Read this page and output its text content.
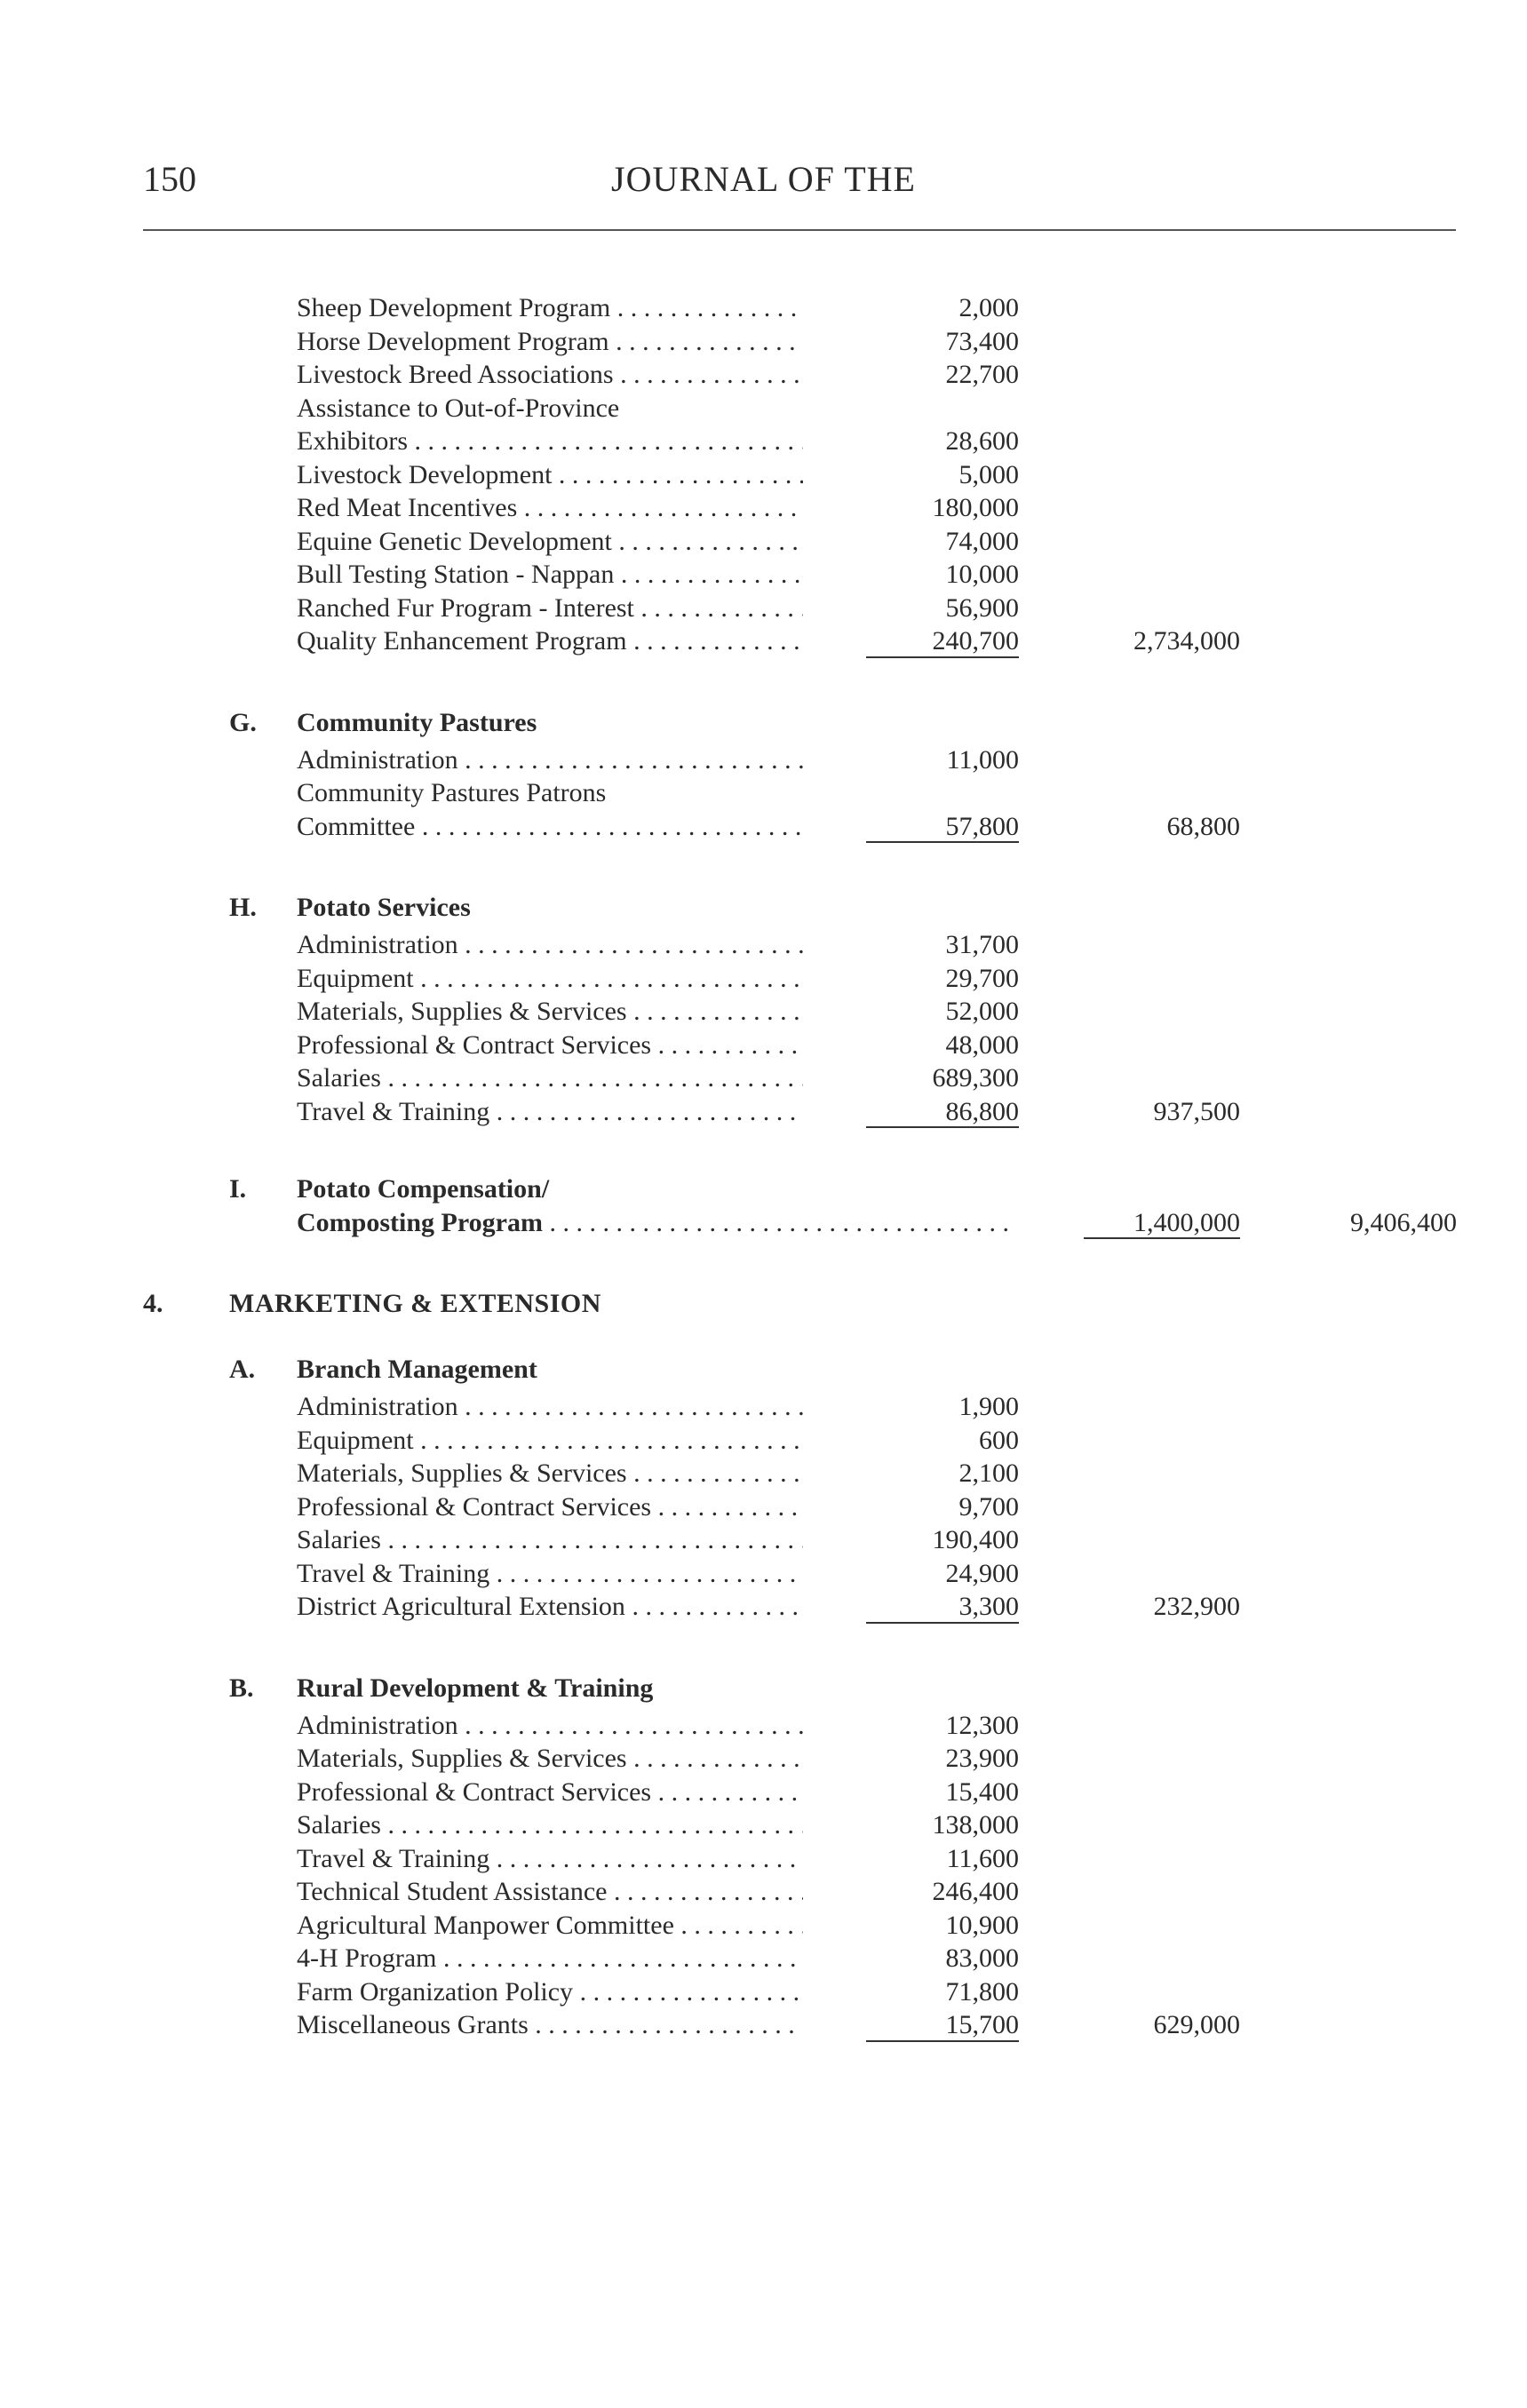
150	JOURNAL OF THE
Sheep Development Program . . .	2,000
Horse Development Program . . .	73,400
Livestock Breed Associations . . .	22,700
Assistance to Out-of-Province
Exhibitors . . .	28,600
Livestock Development . . .	5,000
Red Meat Incentives . . .	180,000
Equine Genetic Development . . .	74,000
Bull Testing Station - Nappan . . .	10,000
Ranched Fur Program - Interest . . .	56,900
Quality Enhancement Program . . .	240,700	2,734,000
G. Community Pastures
Administration . . .	11,000
Community Pastures Patrons
Committee . . .	57,800	68,800
H. Potato Services
Administration . . .	31,700
Equipment . . .	29,700
Materials, Supplies & Services . . .	52,000
Professional & Contract Services . . .	48,000
Salaries . . .	689,300
Travel & Training . . .	86,800	937,500
I. Potato Compensation/
Composting Program . . .	1,400,000	9,406,400
4. MARKETING & EXTENSION
A. Branch Management
Administration . . .	1,900
Equipment . . .	600
Materials, Supplies & Services . . .	2,100
Professional & Contract Services . . .	9,700
Salaries . . .	190,400
Travel & Training . . .	24,900
District Agricultural Extension . . .	3,300	232,900
B. Rural Development & Training
Administration . . .	12,300
Materials, Supplies & Services . . .	23,900
Professional & Contract Services . . .	15,400
Salaries . . .	138,000
Travel & Training . . .	11,600
Technical Student Assistance . . .	246,400
Agricultural Manpower Committee . . .	10,900
4-H Program . . .	83,000
Farm Organization Policy . . .	71,800
Miscellaneous Grants . . .	15,700	629,000
